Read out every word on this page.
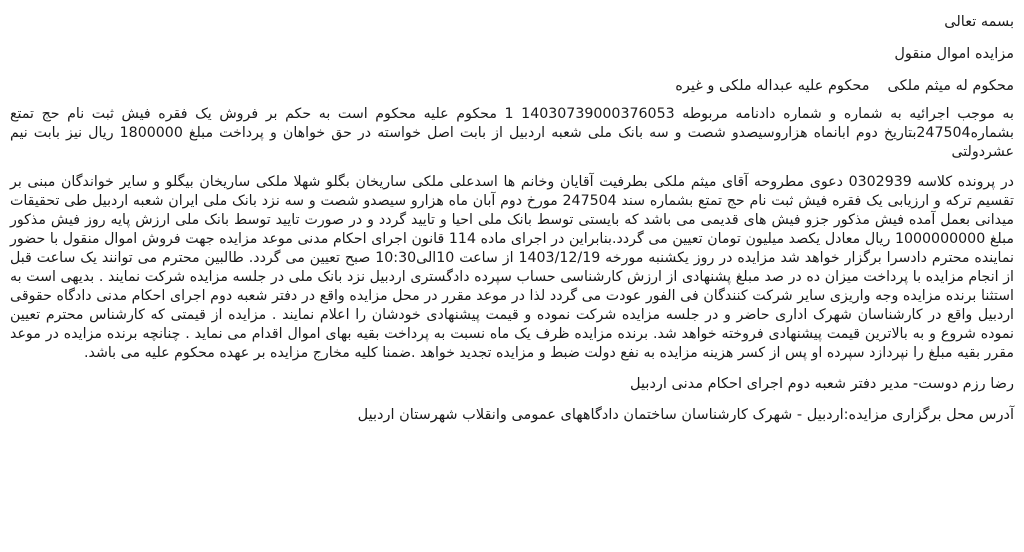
بسمه تعالی
مزایده اموال منقول
محکوم له میثم ملکیمحکوم علیه عبداله ملکی و غیره

به موجب اجرائیه به شماره و شماره دادنامه مربوطه 14030739000376053 1 محکوم علیه محکوم است به حکم بر فروش یک فقره فیش ثبت نام حج تمتع بشماره247504بتاریخ دوم ابانماه هزاروسیصدو شصت و سه بانک ملی شعبه اردبیل از بابت اصل خواسته در حق خواهان و پرداخت مبلغ 1800000 ریال نیز بابت نیم عشردولتی

در پرونده کلاسه 0302939 دعوی مطروحه آقای میثم ملکی بطرفیت آقایان وخانم ها اسدعلی ملکی ساریخان بگلو شهلا ملکی ساریخان بیگلو و سایر خواندگان مبنی بر تقسیم ترکه و ارزیابی یک فقره فیش ثبت نام حج تمتع بشماره سند 247504 مورخ دوم آبان ماه هزارو سیصدو شصت و سه نزد بانک ملی ایران شعبه اردبیل طی تحقیقات میدانی بعمل آمده فیش مذکور جزو فیش های قدیمی می باشد که بایستی توسط بانک ملی احیا و تایید گردد و در صورت تایید توسط بانک ملی ارزش پایه روز فیش مذکور مبلغ 1000000000 ریال معادل یکصد میلیون تومان تعیین می گردد.بنابراین در اجرای ماده 114 قانون اجرای احکام مدنی موعد مزایده جهت فروش اموال منقول با حضور نماینده محترم دادسرا برگزار خواهد شد مزایده در روز یکشنبه مورخه 1403/12/19 از ساعت 10الی10:30 صبح تعیین می گردد. طالبین محترم می توانند یک ساعت قبل از انجام مزایده با پرداخت میزان ده در صد مبلغ پشنهادی از ارزش کارشناسی حساب سپرده دادگستری اردبیل نزد بانک ملی در جلسه مزایده شرکت نمایند . بدیهی است به استثنا برنده مزایده وجه واریزی سایر شرکت کنندگان فی الفور عودت می گردد لذا در موعد مقرر در محل مزایده واقع در دفتر شعبه دوم اجرای احکام مدنی دادگاه حقوقی اردبیل واقع در کارشناسان شهرک اداری حاضر و در جلسه مزایده شرکت نموده و قیمت پیشنهادی خودشان را اعلام نمایند . مزایده از قیمتی که کارشناس محترم تعیین نموده شروع و به بالاترین قیمت پیشنهادی فروخته خواهد شد. برنده مزایده ظرف یک ماه نسبت به پرداخت بقیه بهای اموال اقدام می نماید . چنانچه برنده مزایده در موعد مقرر بقیه مبلغ را نپردازد سپرده او پس از کسر هزینه مزایده به نفع دولت ضبط و مزایده تجدید خواهد .ضمنا کلیه مخارج مزایده بر عهده محکوم علیه می باشد.

رضا رزم دوست- مدیر دفتر شعبه دوم اجرای احکام مدنی اردبیل
آدرس محل برگزاری مزایده:اردبیل - شهرک کارشناسان ساختمان دادگاههای عمومی وانقلاب شهرستان اردبیل
